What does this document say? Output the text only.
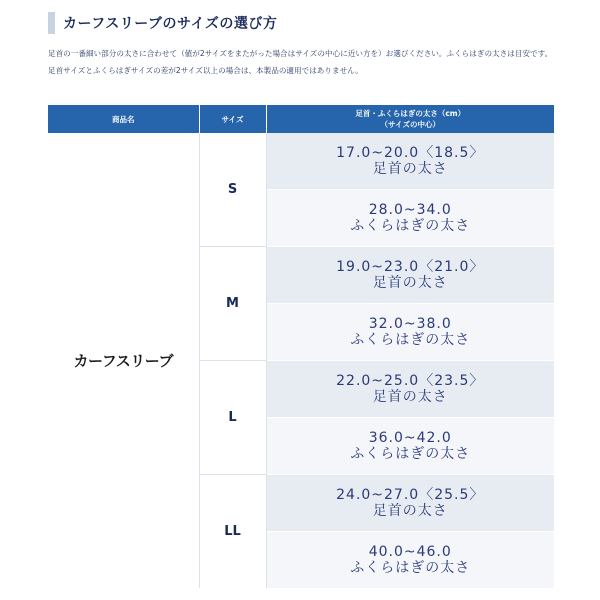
カーフスリーブのサイズの選び方
足首の一番細い部分の太さに合わせて（値が2サイズをまたがった場合はサイズの中心に近い方を）お選びください。ふくらはぎの太さは目安です。足首サイズとふくらはぎサイズの差が2サイズ以上の場合は、本製品の適用ではありません。
商品名	サイズ	足首・ふくらはぎの太さ（cm）
（サイズの中心）

カーフスリーブ	S	17.0~20.0〈18.5〉
足首の太さ

		28.0~34.0
ふくらはぎの太さ

	M	19.0~23.0〈21.0〉
足首の太さ

		32.0~38.0
ふくらはぎの太さ

	L	22.0~25.0〈23.5〉
足首の太さ

		36.0~42.0
ふくらはぎの太さ

	LL	24.0~27.0〈25.5〉
足首の太さ

		40.0~46.0
ふくらはぎの太さ
